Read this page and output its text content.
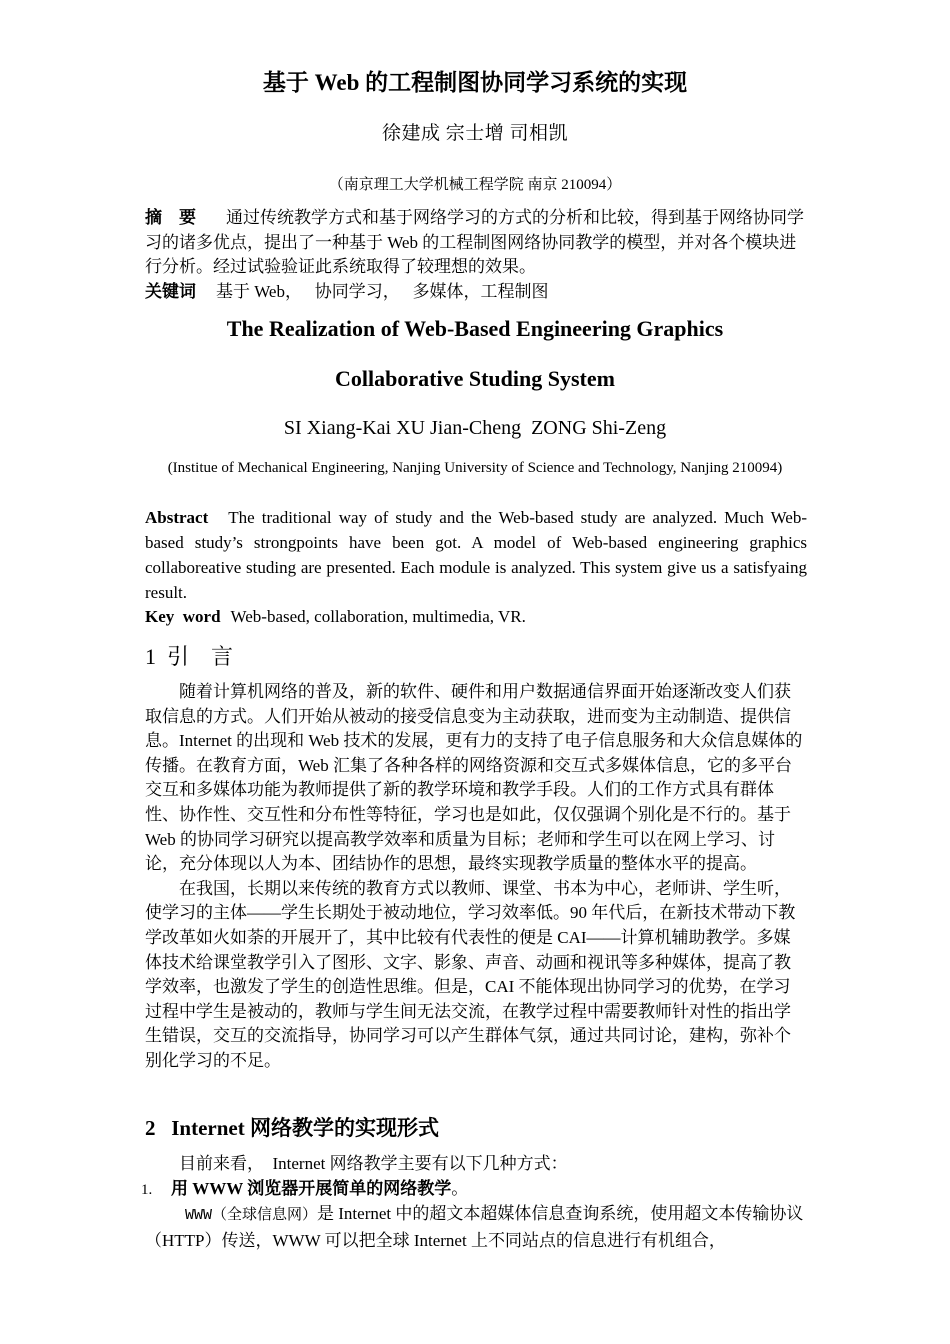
基于 Web 的工程制图协同学习系统的实现
徐建成 宗士增 司相凯
（南京理工大学机械工程学院 南京 210094）
摘    要 通过传统教学方式和基于网络学习的方式的分析和比较，得到基于网络协同学习的诸多优点，提出了一种基于 Web 的工程制图网络协同教学的模型，并对各个模块进行分析。经过试验验证此系统取得了较理想的效果。
关键词 基于 Web，   协同学习，   多媒体，工程制图
The Realization of Web-Based Engineering Graphics
Collaborative Studing System
SI Xiang-Kai XU Jian-Cheng  ZONG Shi-Zeng
(Institue of Mechanical Engineering, Nanjing University of Science and Technology, Nanjing 210094)
Abstract The traditional way of study and the Web-based study are analyzed. Much Web-based study’s strongpoints have been got. A model of Web-based engineering graphics collaboreative studing are presented. Each module is analyzed. This system give us a satisfyaing result.
Key  word Web-based, collaboration, multimedia, VR.
1  引    言

随着计算机网络的普及，新的软件、硬件和用户数据通信界面开始逐渐改变人们获取信息的方式。人们开始从被动的接受信息变为主动获取，进而变为主动制造、提供信息。Internet 的出现和 Web 技术的发展，更有力的支持了电子信息服务和大众信息媒体的传播。在教育方面，Web 汇集了各种各样的网络资源和交互式多媒体信息，它的多平台交互和多媒体功能为教师提供了新的教学环境和教学手段。人们的工作方式具有群体性、协作性、交互性和分布性等特征，学习也是如此，仅仅强调个别化是不行的。基于 Web 的协同学习研究以提高教学效率和质量为目标；老师和学生可以在网上学习、讨论，充分体现以人为本、团结协作的思想，最终实现教学质量的整体水平的提高。

在我国，长期以来传统的教育方式以教师、课堂、书本为中心，老师讲、学生听，使学习的主体——学生长期处于被动地位，学习效率低。90 年代后，在新技术带动下教学改革如火如荼的开展开了，其中比较有代表性的便是 CAI——计算机辅助教学。多媒体技术给课堂教学引入了图形、文字、影象、声音、动画和视讯等多种媒体，提高了教学效率，也激发了学生的创造性思维。但是，CAI 不能体现出协同学习的优势，在学习过程中学生是被动的，教师与学生间无法交流，在教学过程中需要教师针对性的指出学生错误，交互的交流指导，协同学习可以产生群体气氛，通过共同讨论，建构，弥补个别化学习的不足。

2   Internet 网络教学的实现形式

目前来看，  Internet 网络教学主要有以下几种方式：

1. 用 WWW 浏览器开展简单的网络教学。

WWW（全球信息网）是 Internet 中的超文本超媒体信息查询系统，使用超文本传输协议（HTTP）传送，WWW 可以把全球 Internet 上不同站点的信息进行有机组合，
